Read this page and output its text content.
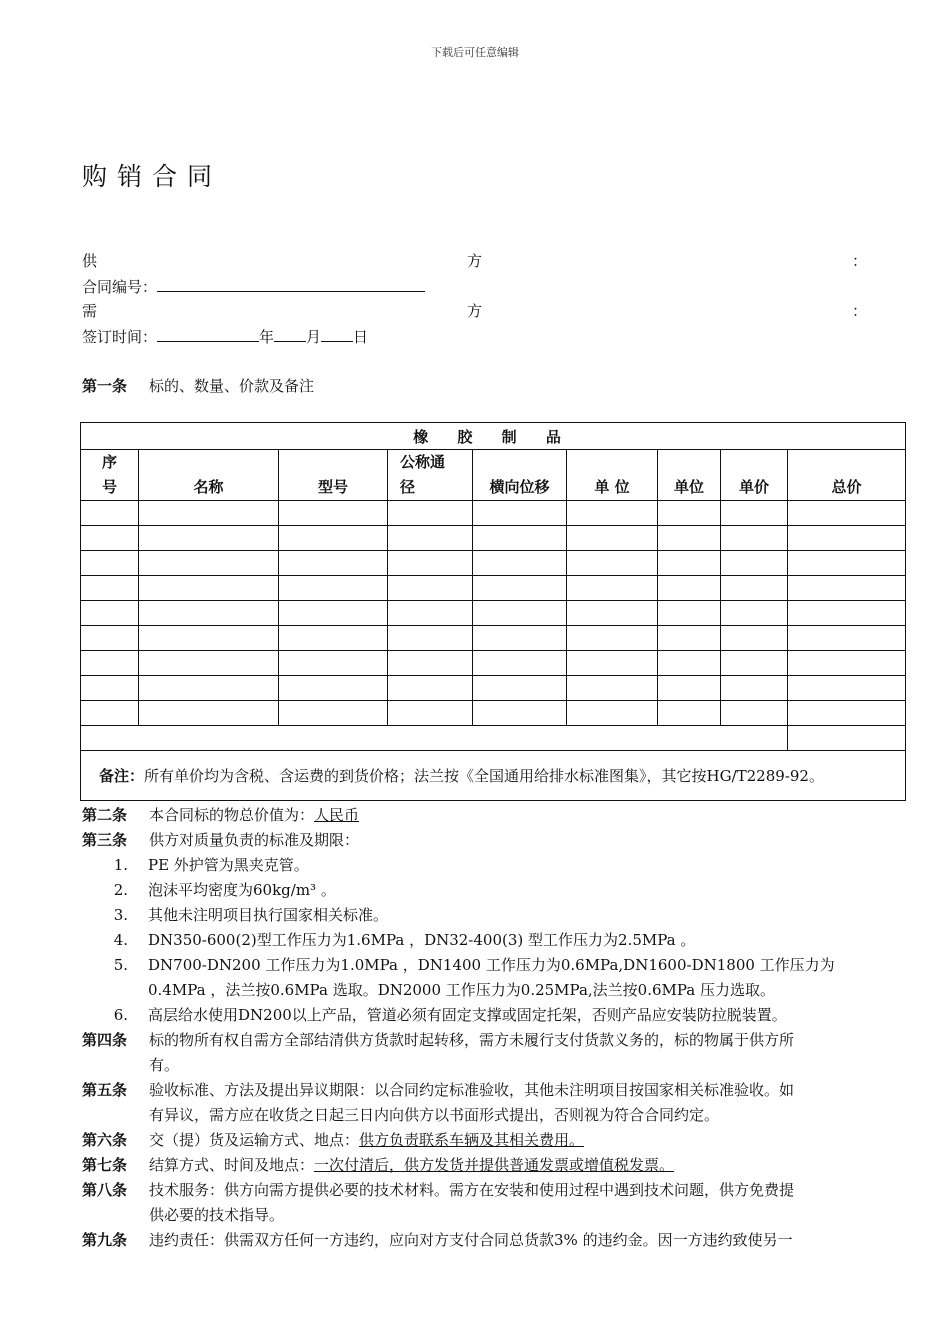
下载后可任意编辑
购销合同
供	方	：
合同编号：
需	方	：
签订时间：	年 月 日
第一条 标的、数量、价款及备注
橡 胶 制 品								
序号	名称	型号	公称通径	横向位移	单 位	单位	单价	总价

备注：所有单价均为含税、含运费的到货价格；法兰按《全国通用给排水标准图集》，其它按HG/T2289-92。								
第二条 本合同标的物总价值为：人民币
第三条 供方对质量负责的标准及期限：
1. PE 外护管为黑夹克管。
2. 泡沫平均密度为60kg/m³ 。
3. 其他未注明项目执行国家相关标准。
4. DN350-600(2)型工作压力为1.6MPa ，DN32-400(3) 型工作压力为2.5MPa 。
5. DN700-DN200 工作压力为1.0MPa ，DN1400 工作压力为0.6MPa,DN1600-DN1800 工作压力为
0.4MPa ，法兰按0.6MPa 选取。DN2000 工作压力为0.25MPa,法兰按0.6MPa 压力选取。
6. 高层给水使用DN200以上产品，管道必须有固定支撑或固定托架，否则产品应安装防拉脱装置。
第四条 标的物所有权自需方全部结清供方货款时起转移，需方未履行支付货款义务的，标的物属于供方所
有。
第五条 验收标准、方法及提出异议期限：以合同约定标准验收，其他未注明项目按国家相关标准验收。如
有异议，需方应在收货之日起三日内向供方以书面形式提出，否则视为符合合同约定。
第六条 交（提）货及运输方式、地点：供方负责联系车辆及其相关费用。
第七条 结算方式、时间及地点：一次付清后，供方发货并提供普通发票或增值税发票。
第八条 技术服务：供方向需方提供必要的技术材料。需方在安装和使用过程中遇到技术问题，供方免费提
供必要的技术指导。
第九条 违约责任：供需双方任何一方违约，应向对方支付合同总货款3% 的违约金。因一方违约致使另一
